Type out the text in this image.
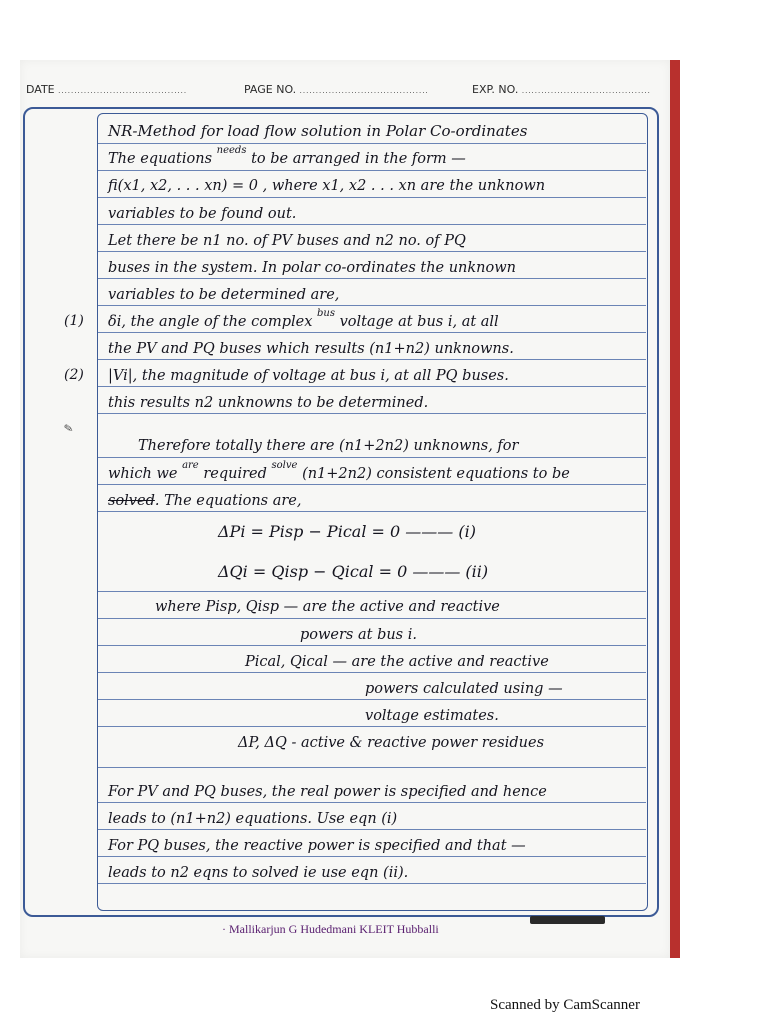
DATE ........................................	PAGE NO. ........................................	EXP. NO. ........................................
✎
NR-Method for load flow solution in Polar Co-ordinates
The equations $^{needs}$ to be arranged in the form —
fi(x1, x2, . . . xn) = 0 , where x1, x2 . . . xn are the unknown
variables to be found out.
Let there be n1 no. of PV buses and n2 no. of PQ
buses in the system. In polar co-ordinates the unknown
variables to be determined are,
(1) δi, the angle of the complex $^{bus}$ voltage at bus i, at all
the PV and PQ buses which results (n1+n2) unknowns.
(2) |Vi|, the magnitude of voltage at bus i, at all PQ buses.
this results n2 unknowns to be determined.
Therefore totally there are (n1+2n2) unknowns, for
which we $^{are}$ required $^{solve}$ (n1+2n2) consistent equations to be
solved. The equations are,
ΔPi = Pisp − Pical = 0 ——— (i)
ΔQi = Qisp − Qical = 0 ——— (ii)
where Pisp, Qisp — are the active and reactive
powers at bus i.
Pical, Qical — are the active and reactive
powers calculated using —
voltage estimates.
ΔP, ΔQ - active & reactive power residues
For PV and PQ buses, the real power is specified and hence
leads to (n1+n2) equations. Use eqn (i)
For PQ buses, the reactive power is specified and that —
leads to n2 eqns to solved ie use eqn (ii).
· Mallikarjun G Hudedmani KLEIT Hubballi
Scanned by CamScanner
